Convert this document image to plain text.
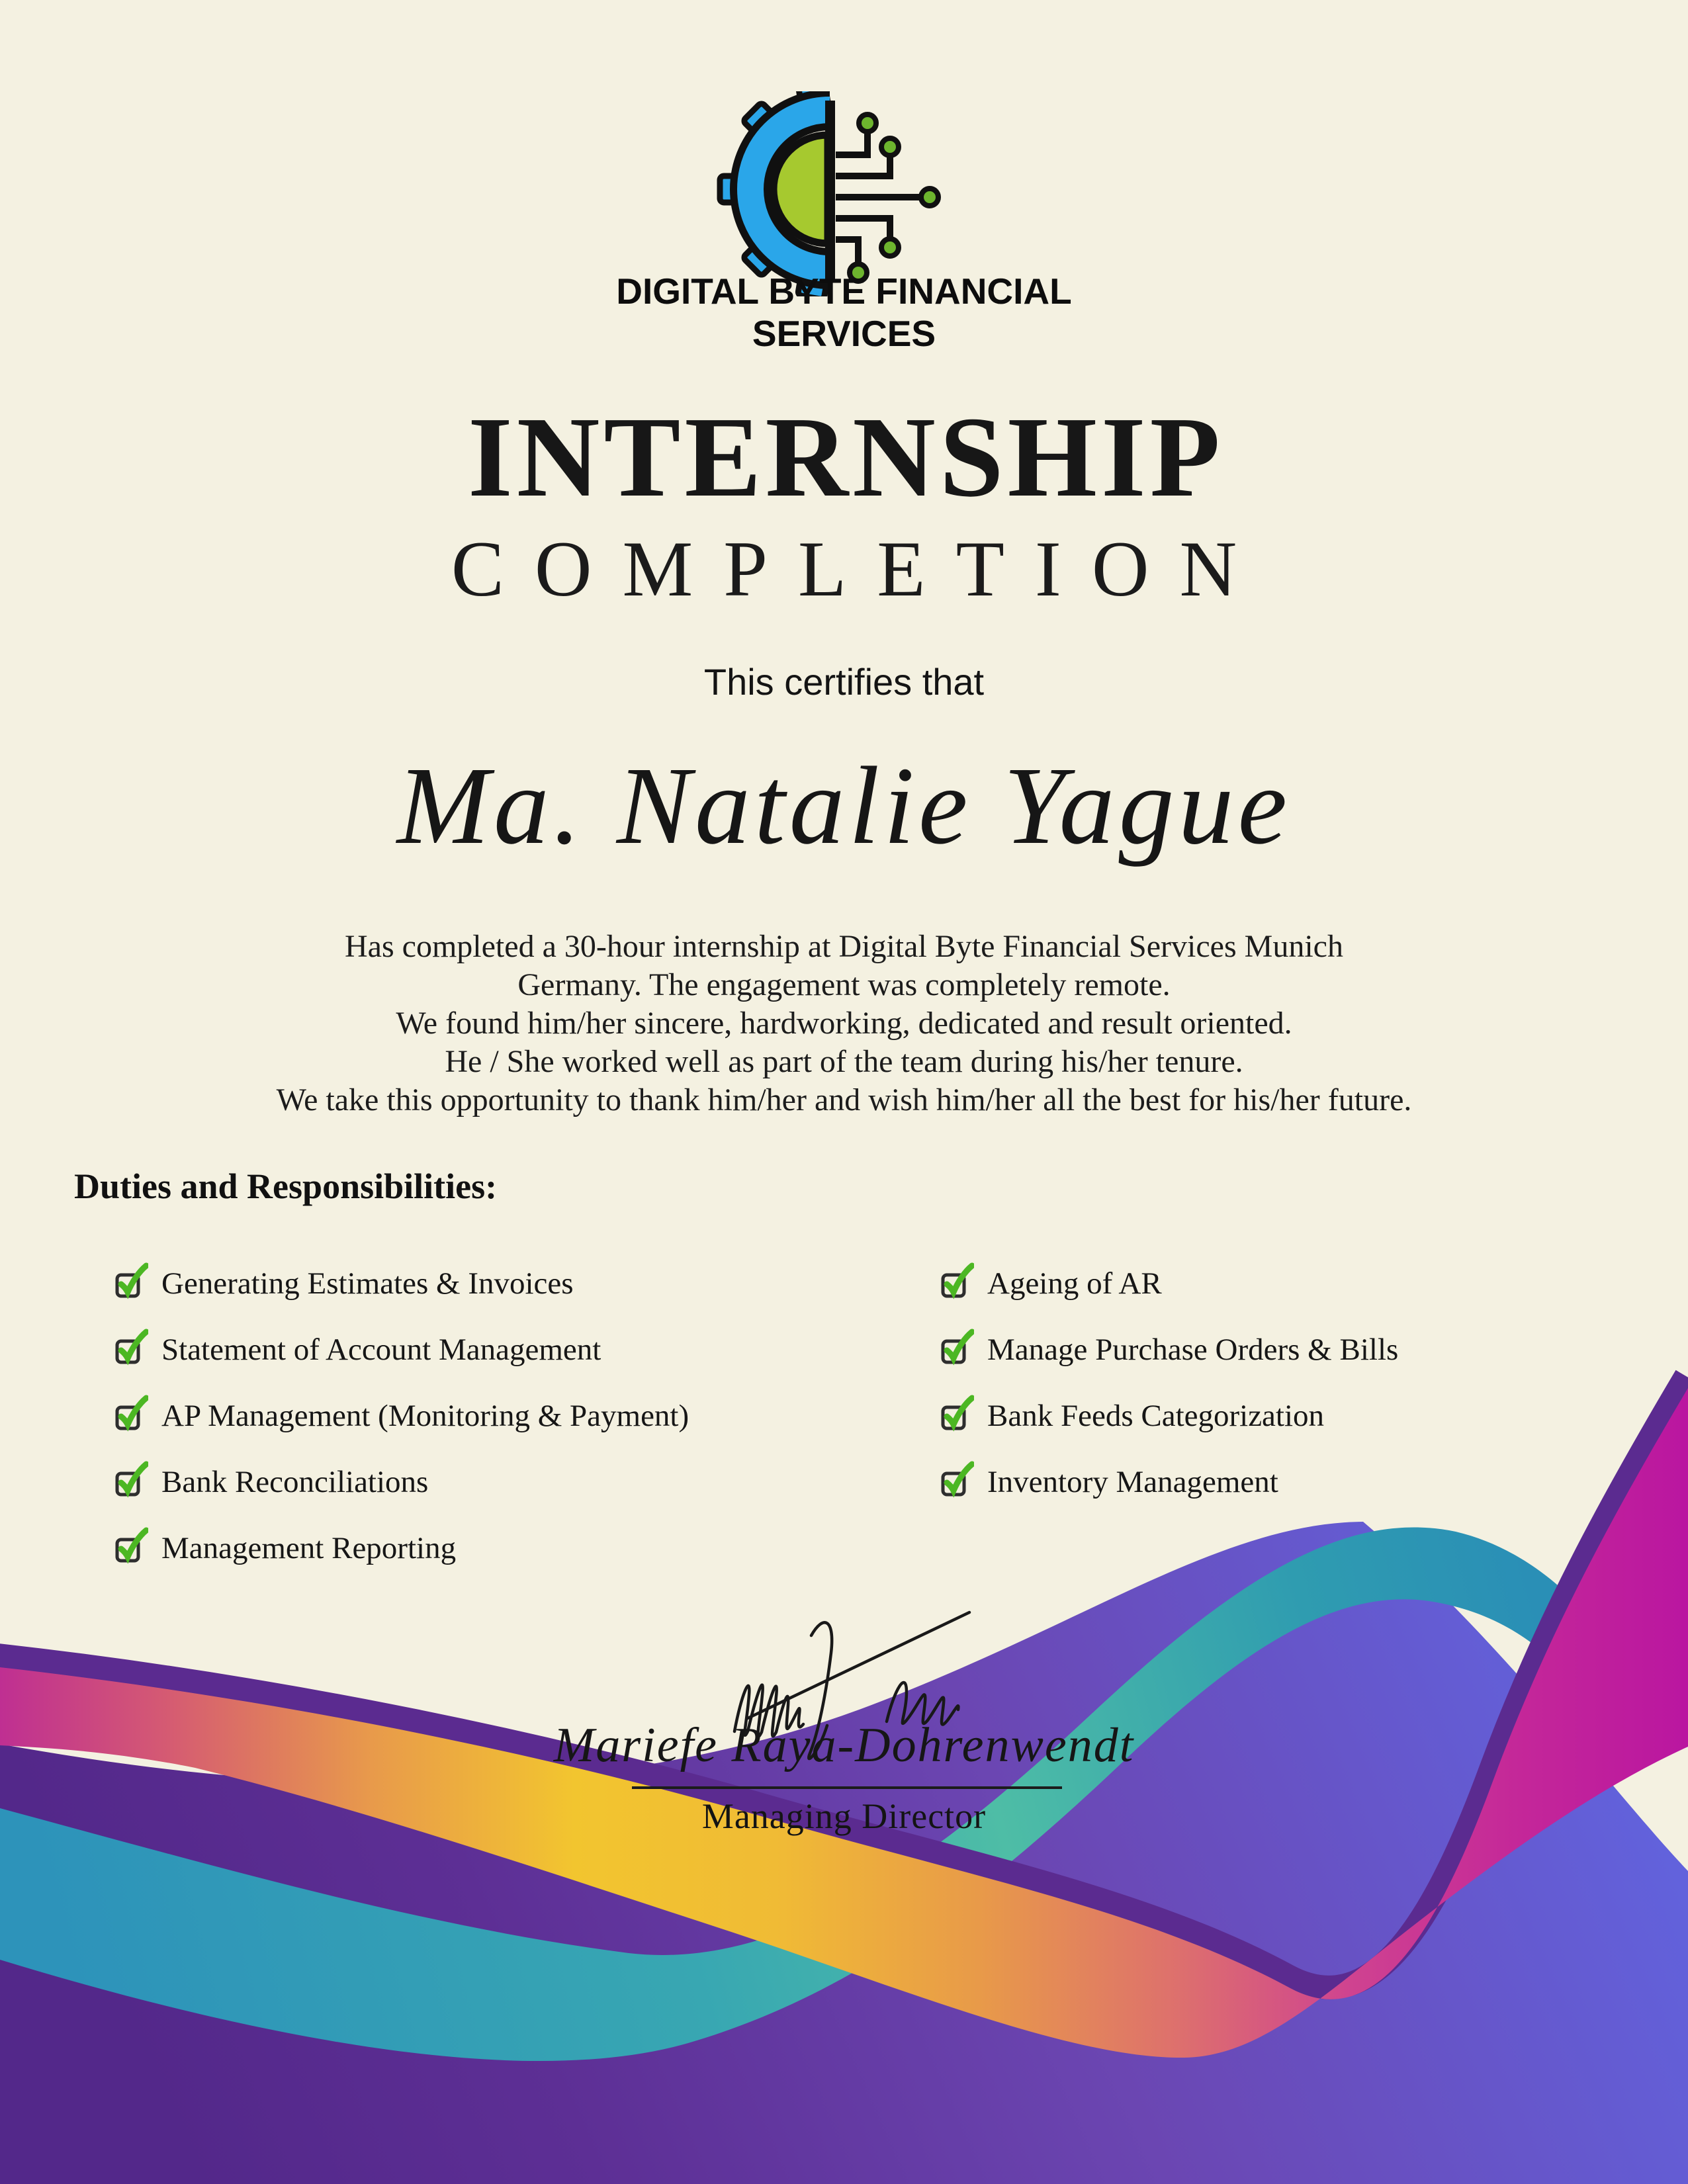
DIGITAL BYTE FINANCIAL
SERVICES
INTERNSHIP
COMPLETION
This certifies that
Ma. Natalie Yague
Has completed a 30-hour internship at Digital Byte Financial Services Munich
Germany. The engagement was completely remote.
We found him/her sincere, hardworking, dedicated and result oriented.
He / She worked well as part of the team during his/her tenure.
We take this opportunity to thank him/her and wish him/her all the best for his/her future.
Duties and Responsibilities:
Generating Estimates & Invoices
Statement of Account Management
AP Management (Monitoring & Payment)
Bank Reconciliations
Management Reporting
Ageing of AR
Manage Purchase Orders & Bills
Bank Feeds Categorization
Inventory Management
Mariefe Raya-Dohrenwendt
Managing Director
